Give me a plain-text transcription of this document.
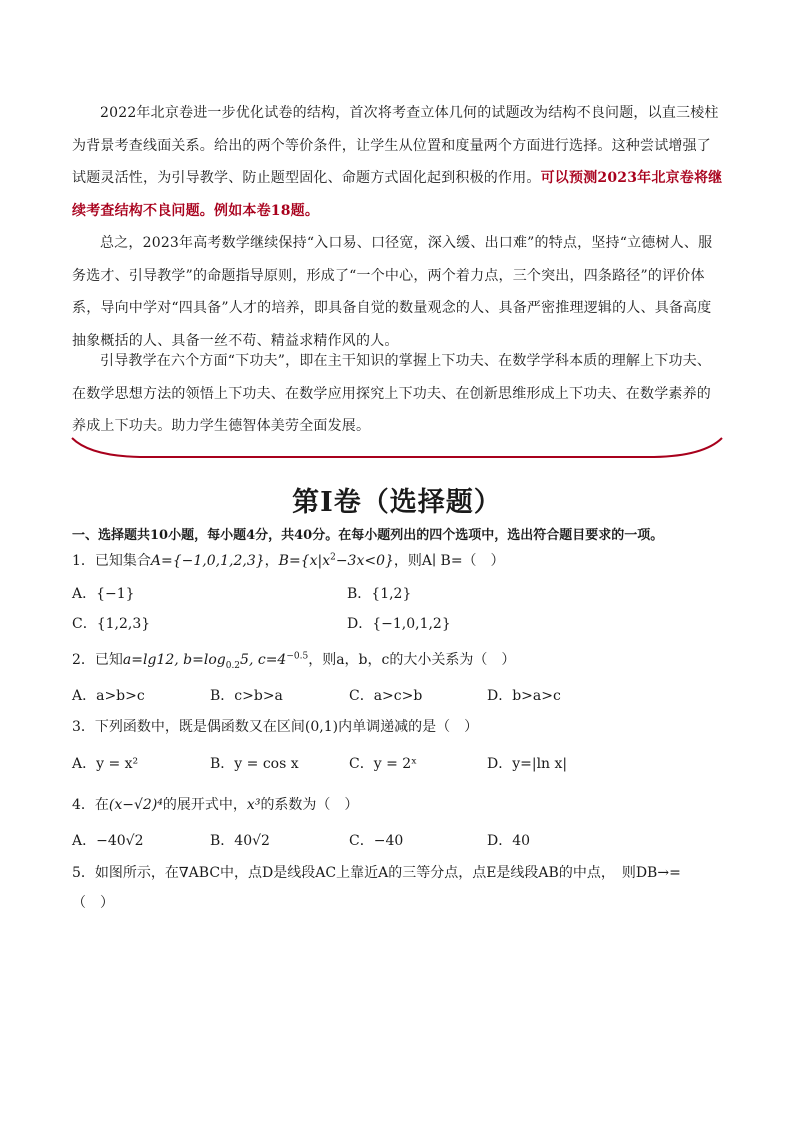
2022年北京卷进一步优化试卷的结构，首次将考查立体几何的试题改为结构不良问题，以直三棱柱为背景考查线面关系。给出的两个等价条件，让学生从位置和度量两个方面进行选择。这种尝试增强了试题灵活性，为引导教学、防止题型固化、命题方式固化起到积极的作用。可以预测2023年北京卷将继续考查结构不良问题。例如本卷18题。

总之，2023年高考数学继续保持“入口易、口径宽，深入缓、出口难”的特点，坚持“立德树人、服务选才、引导教学”的命题指导原则，形成了“一个中心，两个着力点，三个突出，四条路径”的评价体系，导向中学对“四具备”人才的培养，即具备自觉的数量观念的人、具备严密推理逻辑的人、具备高度抽象概括的人、具备一丝不苟、精益求精作风的人。

引导教学在六个方面“下功夫”，即在主干知识的掌握上下功夫、在数学学科本质的理解上下功夫、在数学思想方法的领悟上下功夫、在数学应用探究上下功夫、在创新思维形成上下功夫、在数学素养的养成上下功夫。助力学生德智体美劳全面发展。

第Ⅰ卷（选择题）
一、选择题共10小题，每小题4分，共40分。在每小题列出的四个选项中，选出符合题目要求的一项。
1．已知集合A={−1,0,1,2,3}，$B=\{x|x^2-3x<0\}$，则A∣ B=（　）
A．{−1}	B．{1,2}
C．{1,2,3}	D．{−1,0,1,2}
2．已知a=lg12, $b=\log_{0.2}5$, $c=4^{-0.5}$，则a，b，c的大小关系为（　）
A．a>b>c	B．c>b>a	C．a>c>b	D．b>a>c
3．下列函数中，既是偶函数又在区间(0,1)内单调递减的是（　）
A．y = x²	B．y = cos x	C．y = 2ˣ	D．y=|ln x|
4．在(x−√2)⁴的展开式中，x³的系数为（　）
A．−40√2	B．40√2	C．−40	D．40
5．如图所示，在∇ABC中，点D是线段AC上靠近A的三等分点，点E是线段AB的中点，　则DB→=
（　）
